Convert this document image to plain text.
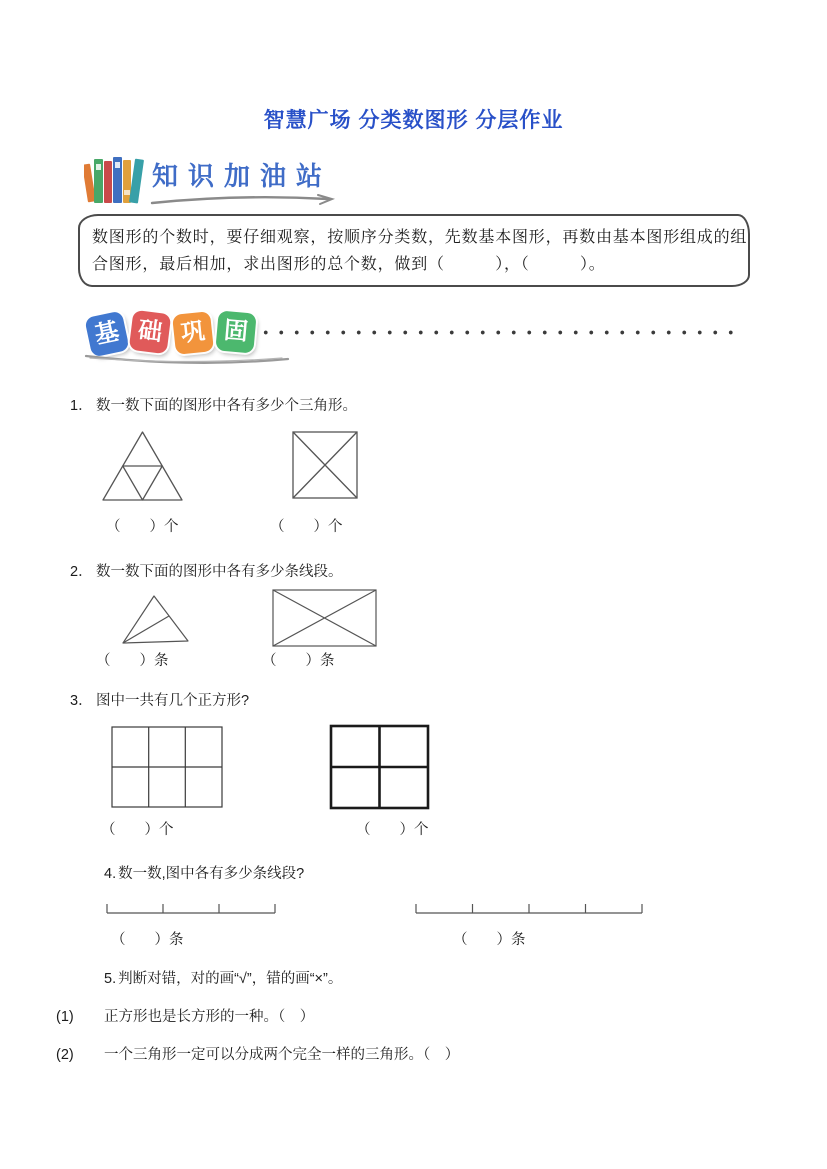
智慧广场 分类数图形 分层作业
知识加油站
数图形的个数时，要仔细观察，按顺序分类数，先数基本图形，再数由基本图形组成的组
合图形，最后相加，求出图形的总个数，做到（　　　），（　　　）。
基 础 巩 固
1． 数一数下面的图形中各有多少个三角形。
（　　）个	（　　）个
2． 数一数下面的图形中各有多少条线段。
（　　）条	（　　）条
3． 图中一共有几个正方形?
（　　）个	（　　）个
4. 数一数,图中各有多少条线段?
（　　）条	（　　）条
5. 判断对错，对的画“√”，错的画“×”。
(1) 正方形也是长方形的一种。（　）
(2) 一个三角形一定可以分成两个完全一样的三角形。（　）
